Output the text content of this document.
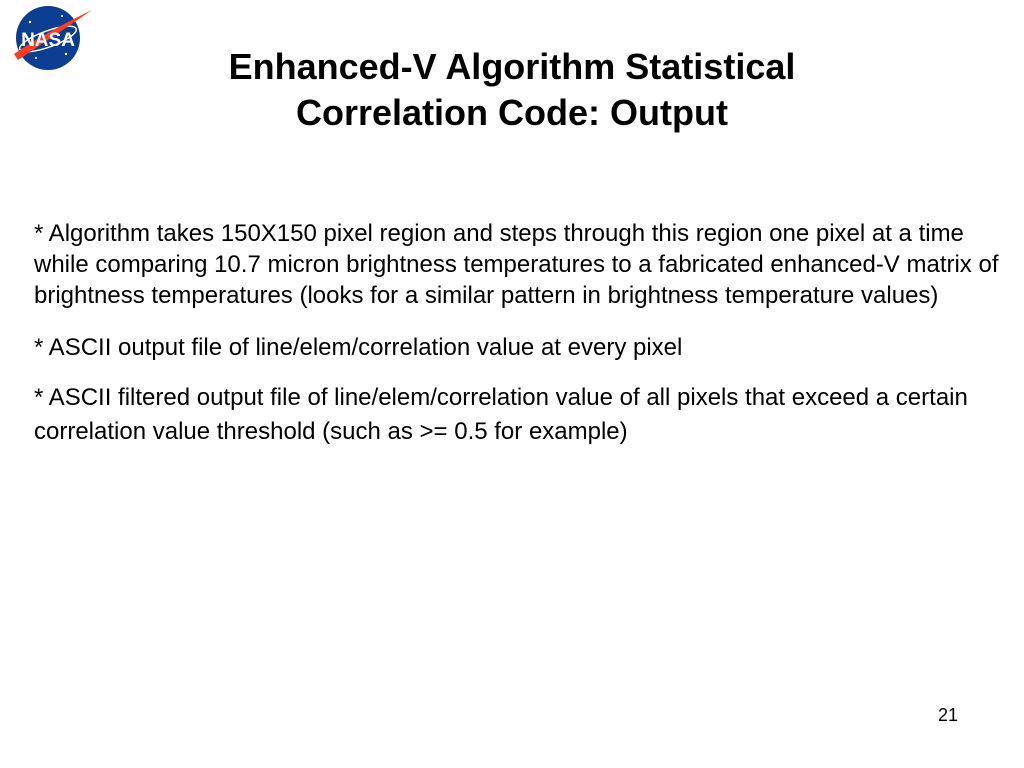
NASA
Enhanced-V Algorithm Statistical
Correlation Code: Output

* Algorithm takes 150X150 pixel region and steps through this region one pixel at a time while comparing 10.7 micron brightness temperatures to a fabricated enhanced-V matrix of brightness temperatures (looks for a similar pattern in brightness temperature values)

* ASCII output file of line/elem/correlation value at every pixel

* ASCII filtered output file of line/elem/correlation value of all pixels that exceed a certain correlation value threshold (such as >= 0.5 for example)

21
